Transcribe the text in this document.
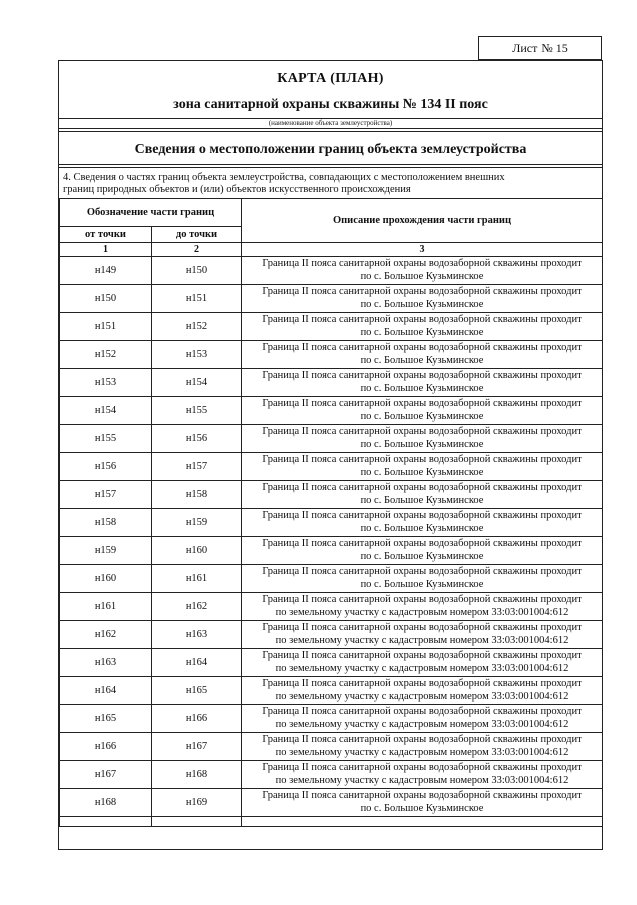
Лист № 15
КАРТА (ПЛАН)
зона санитарной охраны скважины № 134 II пояс
(наименование объекта землеустройства)
Сведения о местоположении границ объекта землеустройства
4. Сведения о частях границ объекта землеустройства, совпадающих с местоположением внешних
границ природных объектов и (или) объектов искусственного происхождения
Обозначение части границ		Описание прохождения части границ
от точки	до точки	
1	2	3
н149	н150	Граница II пояса санитарной охраны водозаборной скважины проходит
по с. Большое Кузьминское

н150	н151	Граница II пояса санитарной охраны водозаборной скважины проходит
по с. Большое Кузьминское

н151	н152	Граница II пояса санитарной охраны водозаборной скважины проходит
по с. Большое Кузьминское

н152	н153	Граница II пояса санитарной охраны водозаборной скважины проходит
по с. Большое Кузьминское

н153	н154	Граница II пояса санитарной охраны водозаборной скважины проходит
по с. Большое Кузьминское

н154	н155	Граница II пояса санитарной охраны водозаборной скважины проходит
по с. Большое Кузьминское

н155	н156	Граница II пояса санитарной охраны водозаборной скважины проходит
по с. Большое Кузьминское

н156	н157	Граница II пояса санитарной охраны водозаборной скважины проходит
по с. Большое Кузьминское

н157	н158	Граница II пояса санитарной охраны водозаборной скважины проходит
по с. Большое Кузьминское

н158	н159	Граница II пояса санитарной охраны водозаборной скважины проходит
по с. Большое Кузьминское

н159	н160	Граница II пояса санитарной охраны водозаборной скважины проходит
по с. Большое Кузьминское

н160	н161	Граница II пояса санитарной охраны водозаборной скважины проходит
по с. Большое Кузьминское

н161	н162	Граница II пояса санитарной охраны водозаборной скважины проходит
по земельному участку с кадастровым номером 33:03:001004:612

н162	н163	Граница II пояса санитарной охраны водозаборной скважины проходит
по земельному участку с кадастровым номером 33:03:001004:612

н163	н164	Граница II пояса санитарной охраны водозаборной скважины проходит
по земельному участку с кадастровым номером 33:03:001004:612

н164	н165	Граница II пояса санитарной охраны водозаборной скважины проходит
по земельному участку с кадастровым номером 33:03:001004:612

н165	н166	Граница II пояса санитарной охраны водозаборной скважины проходит
по земельному участку с кадастровым номером 33:03:001004:612

н166	н167	Граница II пояса санитарной охраны водозаборной скважины проходит
по земельному участку с кадастровым номером 33:03:001004:612

н167	н168	Граница II пояса санитарной охраны водозаборной скважины проходит
по земельному участку с кадастровым номером 33:03:001004:612

н168	н169	Граница II пояса санитарной охраны водозаборной скважины проходит
по с. Большое Кузьминское
